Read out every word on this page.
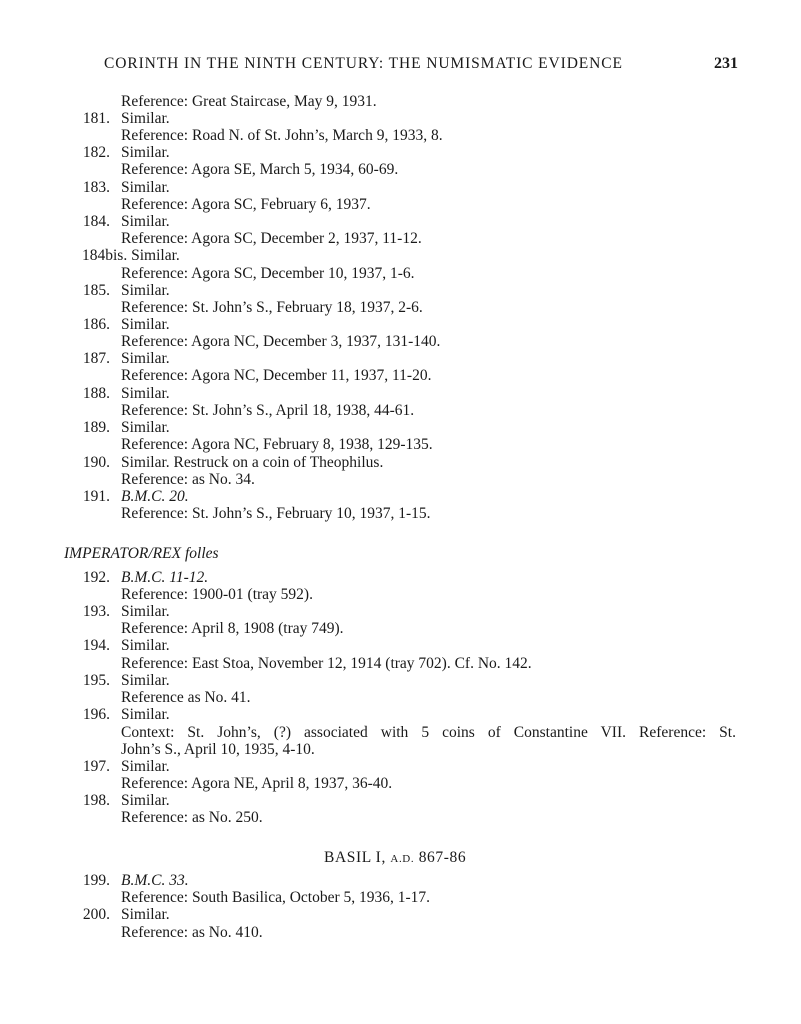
CORINTH IN THE NINTH CENTURY: THE NUMISMATIC EVIDENCE	231
Reference: Great Staircase, May 9, 1931.
181. Similar.
Reference: Road N. of St. John’s, March 9, 1933, 8.
182. Similar.
Reference: Agora SE, March 5, 1934, 60-69.
183. Similar.
Reference: Agora SC, February 6, 1937.
184. Similar.
Reference: Agora SC, December 2, 1937, 11-12.
184bis. Similar.
Reference: Agora SC, December 10, 1937, 1-6.
185. Similar.
Reference: St. John’s S., February 18, 1937, 2-6.
186. Similar.
Reference: Agora NC, December 3, 1937, 131-140.
187. Similar.
Reference: Agora NC, December 11, 1937, 11-20.
188. Similar.
Reference: St. John’s S., April 18, 1938, 44-61.
189. Similar.
Reference: Agora NC, February 8, 1938, 129-135.
190. Similar. Restruck on a coin of Theophilus.
Reference: as No. 34.
191. B.M.C. 20.
Reference: St. John’s S., February 10, 1937, 1-15.
IMPERATOR/REX folles
192. B.M.C. 11-12.
Reference: 1900-01 (tray 592).
193. Similar.
Reference: April 8, 1908 (tray 749).
194. Similar.
Reference: East Stoa, November 12, 1914 (tray 702). Cf. No. 142.
195. Similar.
Reference as No. 41.
196. Similar.
Context: St. John’s, (?) associated with 5 coins of Constantine VII. Reference: St.
John’s S., April 10, 1935, 4-10.
197. Similar.
Reference: Agora NE, April 8, 1937, 36-40.
198. Similar.
Reference: as No. 250.
BASIL I, A.D. 867-86
199. B.M.C. 33.
Reference: South Basilica, October 5, 1936, 1-17.
200. Similar.
Reference: as No. 410.
